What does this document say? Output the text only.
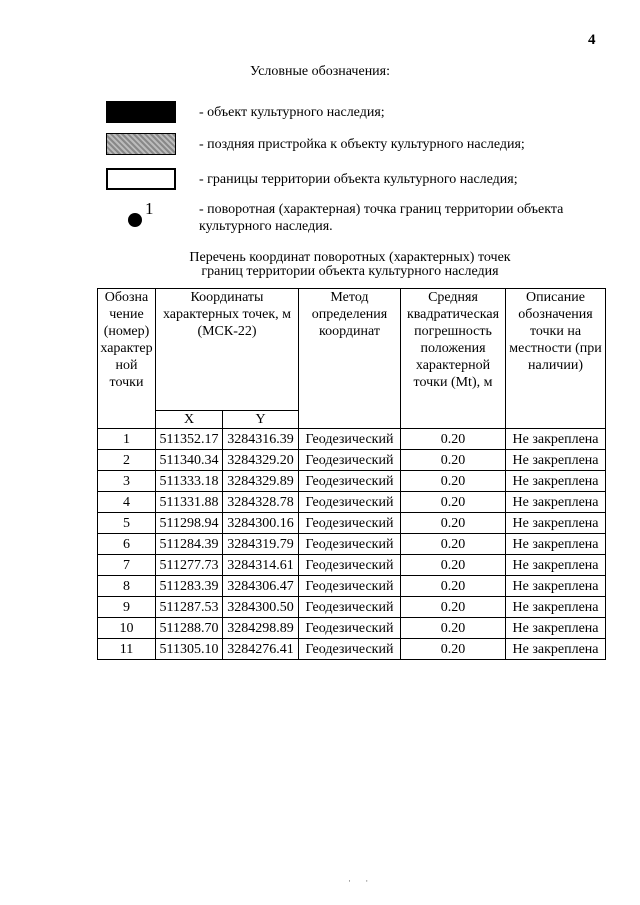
4
Условные обозначения:
- объект культурного наследия;
- поздняя пристройка к объекту культурного наследия;
- границы территории объекта культурного наследия;
1	- поворотная (характерная) точка границ территории объекта культурного наследия.
Перечень координат поворотных (характерных) точек
границ территории объекта культурного наследия
Обозна чение (номер) характер ной точки	Координаты характерных точек, м (МСК-22)		Метод определения координат	Средняя квадратическая погрешность положения характерной точки (Mt), м	Описание обозначения точки на местности (при наличии)
	X	Y			
1	511352.17	3284316.39	Геодезический	0.20	Не закреплена
2	511340.34	3284329.20	Геодезический	0.20	Не закреплена
3	511333.18	3284329.89	Геодезический	0.20	Не закреплена
4	511331.88	3284328.78	Геодезический	0.20	Не закреплена
5	511298.94	3284300.16	Геодезический	0.20	Не закреплена
6	511284.39	3284319.79	Геодезический	0.20	Не закреплена
7	511277.73	3284314.61	Геодезический	0.20	Не закреплена
8	511283.39	3284306.47	Геодезический	0.20	Не закреплена
9	511287.53	3284300.50	Геодезический	0.20	Не закреплена
10	511288.70	3284298.89	Геодезический	0.20	Не закреплена
11	511305.10	3284276.41	Геодезический	0.20	Не закреплена
· ·
